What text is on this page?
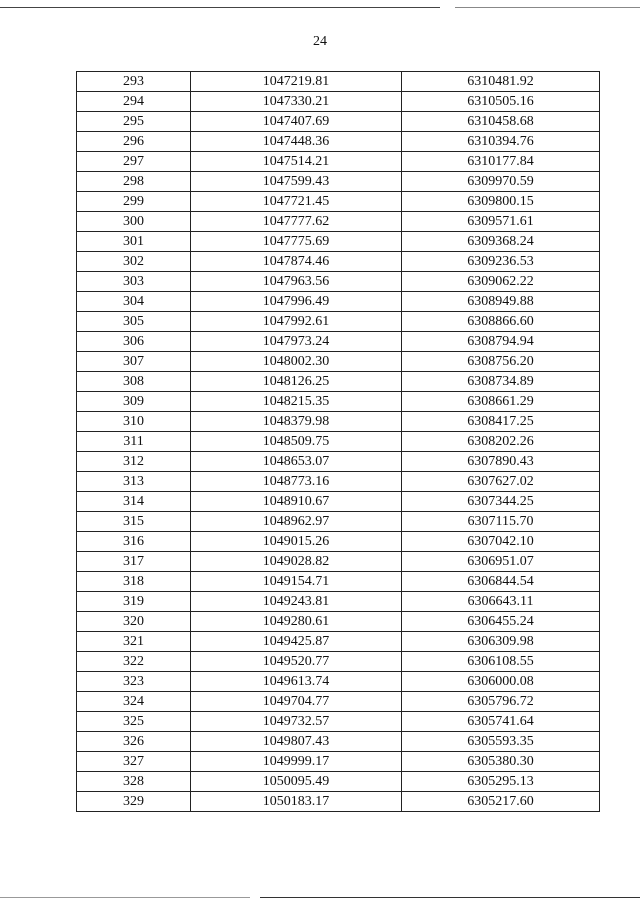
24
293	1047219.81	6310481.92
294	1047330.21	6310505.16
295	1047407.69	6310458.68
296	1047448.36	6310394.76
297	1047514.21	6310177.84
298	1047599.43	6309970.59
299	1047721.45	6309800.15
300	1047777.62	6309571.61
301	1047775.69	6309368.24
302	1047874.46	6309236.53
303	1047963.56	6309062.22
304	1047996.49	6308949.88
305	1047992.61	6308866.60
306	1047973.24	6308794.94
307	1048002.30	6308756.20
308	1048126.25	6308734.89
309	1048215.35	6308661.29
310	1048379.98	6308417.25
311	1048509.75	6308202.26
312	1048653.07	6307890.43
313	1048773.16	6307627.02
314	1048910.67	6307344.25
315	1048962.97	6307115.70
316	1049015.26	6307042.10
317	1049028.82	6306951.07
318	1049154.71	6306844.54
319	1049243.81	6306643.11
320	1049280.61	6306455.24
321	1049425.87	6306309.98
322	1049520.77	6306108.55
323	1049613.74	6306000.08
324	1049704.77	6305796.72
325	1049732.57	6305741.64
326	1049807.43	6305593.35
327	1049999.17	6305380.30
328	1050095.49	6305295.13
329	1050183.17	6305217.60
